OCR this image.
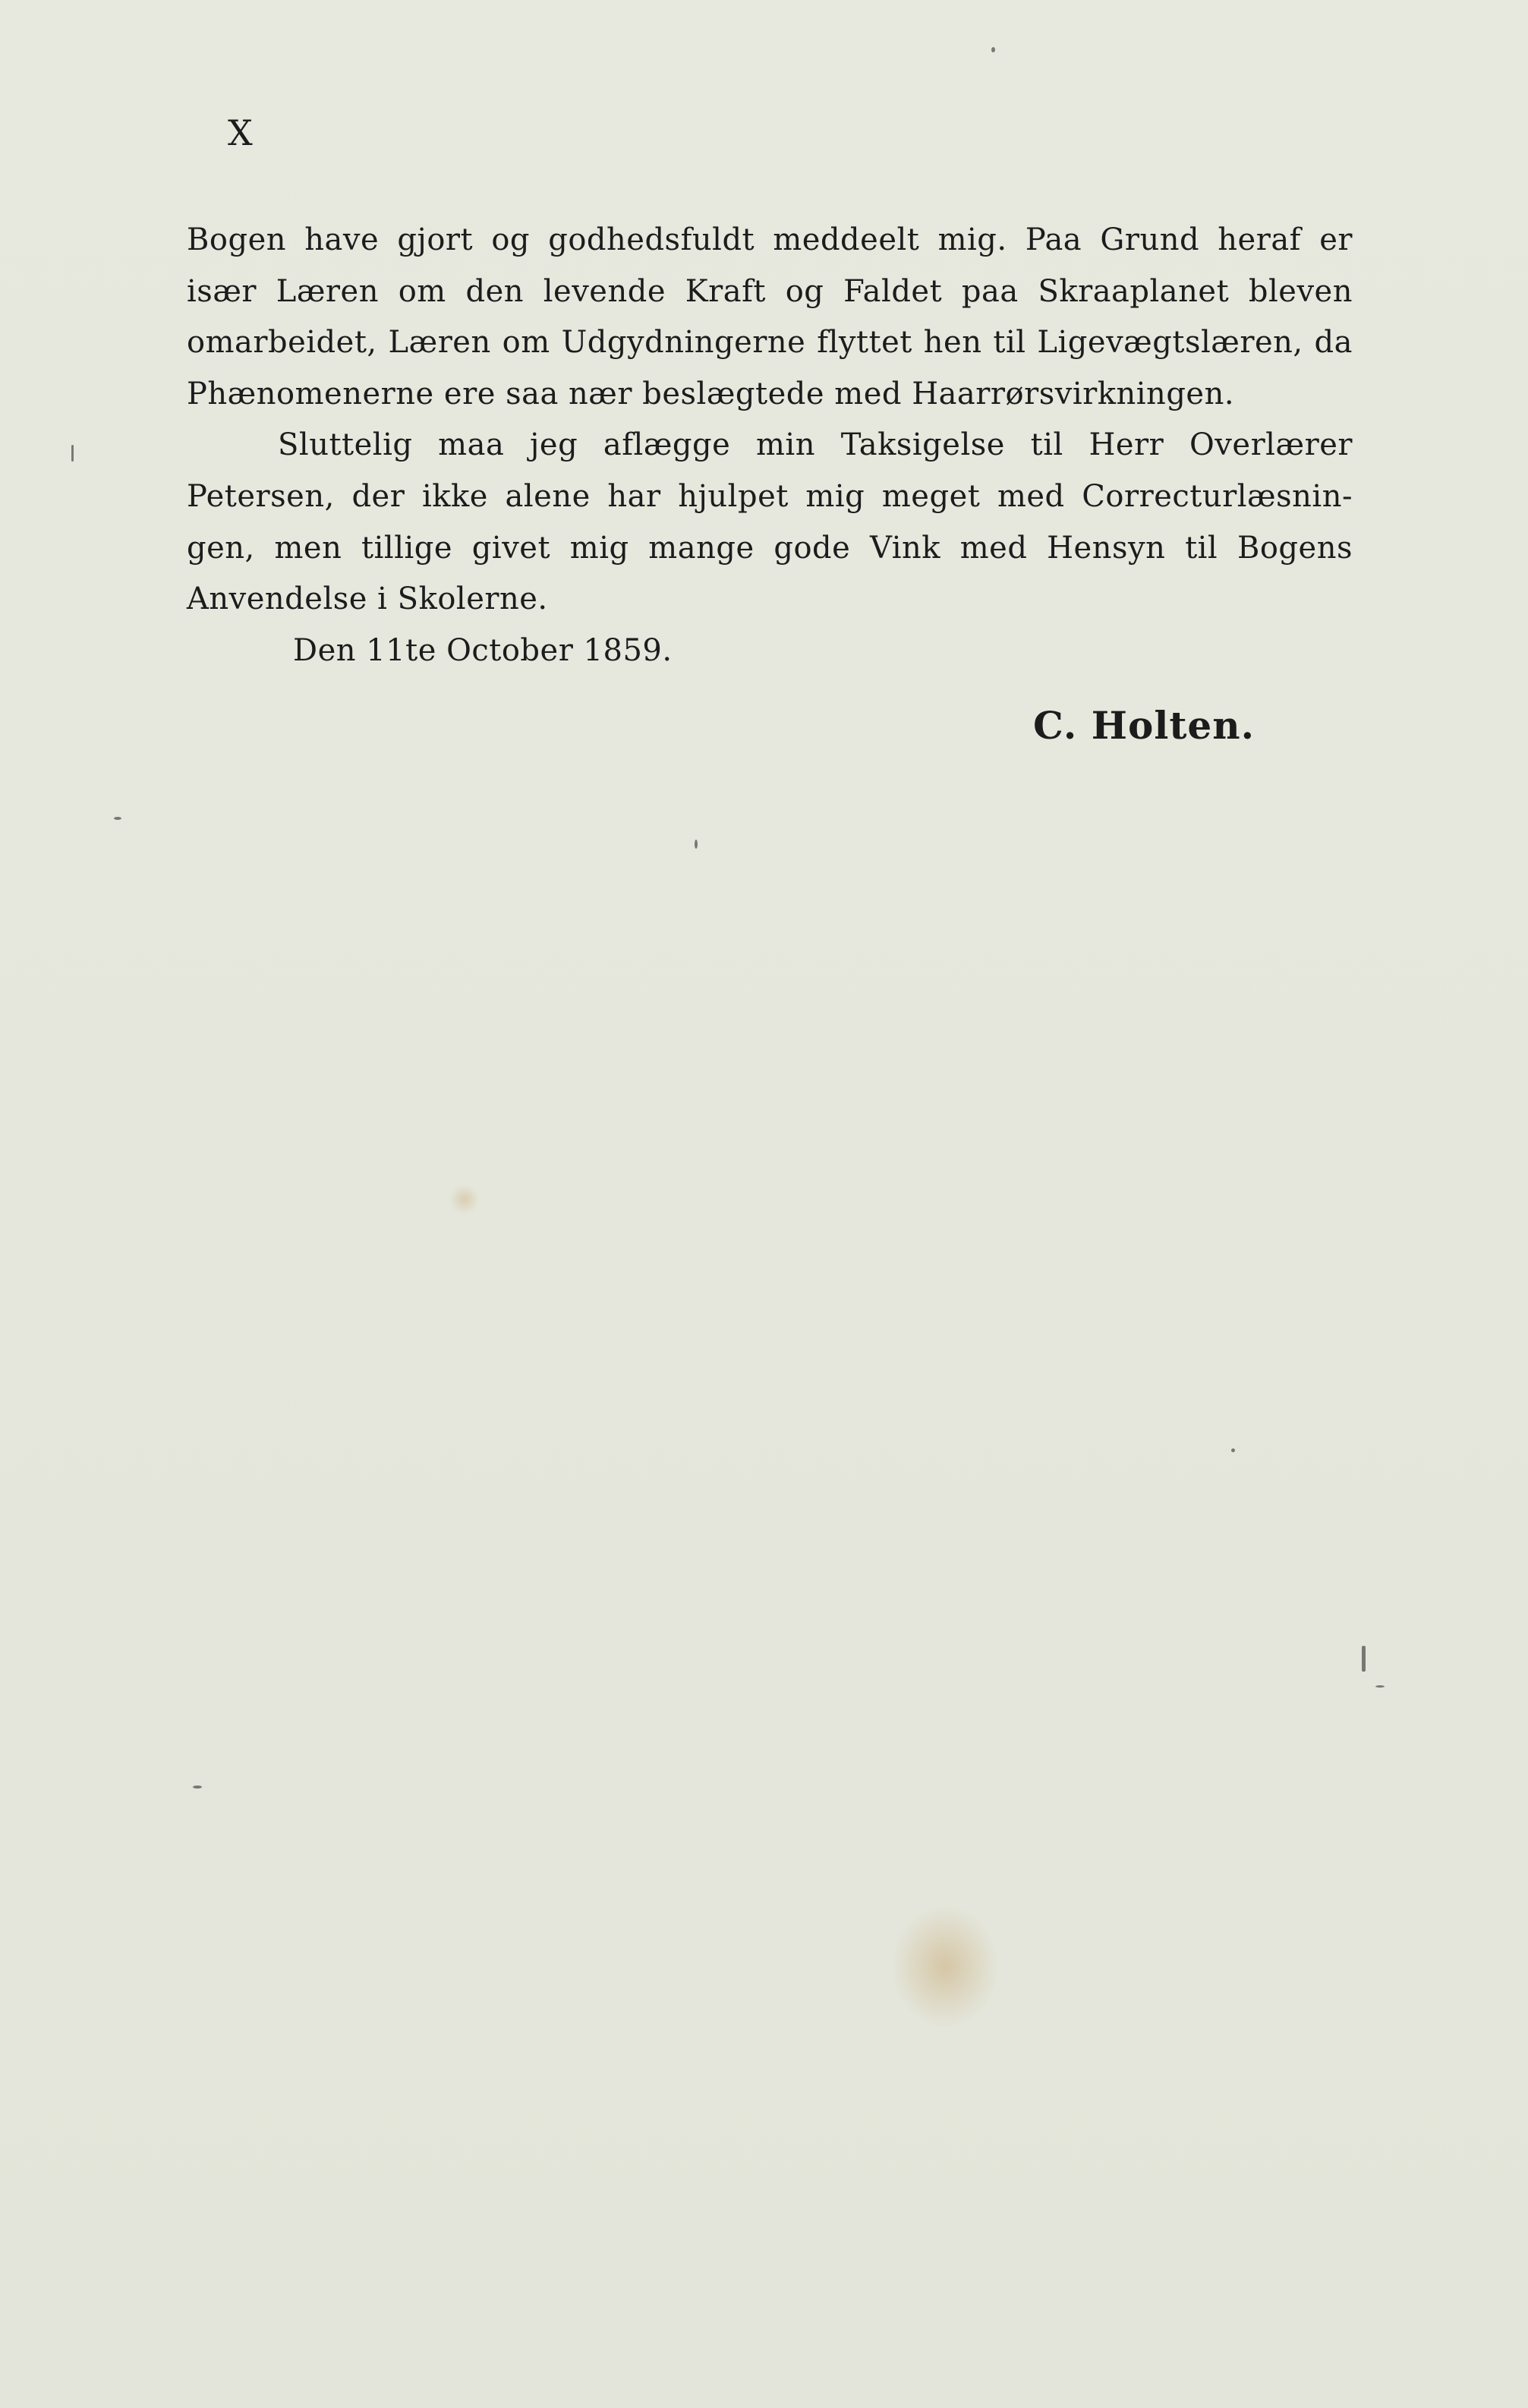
X

Bogen have gjort og godhedsfuldt meddeelt mig. Paa Grund heraf er
især Læren om den levende Kraft og Faldet paa Skraaplanet bleven
omarbeidet, Læren om Udgydningerne flyttet hen til Ligevægtslæren, da
Phænomenerne ere saa nær beslægtede med Haarrørsvirkningen.

Sluttelig maa jeg aflægge min Taksigelse til Herr Overlærer
Petersen, der ikke alene har hjulpet mig meget med Correcturlæsnin-
gen, men tillige givet mig mange gode Vink med Hensyn til Bogens
Anvendelse i Skolerne.

Den 11te October 1859.

C. Holten.
